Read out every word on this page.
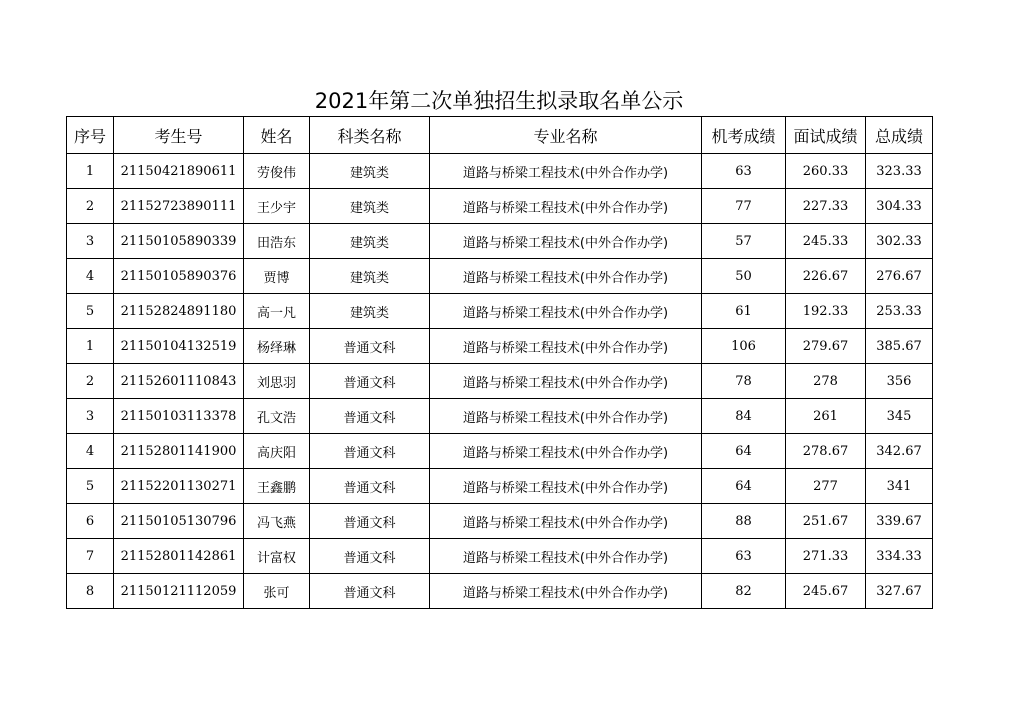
2021年第二次单独招生拟录取名单公示
序号	考生号	姓名	科类名称	专业名称	机考成绩	面试成绩	总成绩
1	21150421890611	劳俊伟	建筑类	道路与桥梁工程技术(中外合作办学)	63	260.33	323.33
2	21152723890111	王少宇	建筑类	道路与桥梁工程技术(中外合作办学)	77	227.33	304.33
3	21150105890339	田浩东	建筑类	道路与桥梁工程技术(中外合作办学)	57	245.33	302.33
4	21150105890376	贾博	建筑类	道路与桥梁工程技术(中外合作办学)	50	226.67	276.67
5	21152824891180	高一凡	建筑类	道路与桥梁工程技术(中外合作办学)	61	192.33	253.33
1	21150104132519	杨绎琳	普通文科	道路与桥梁工程技术(中外合作办学)	106	279.67	385.67
2	21152601110843	刘思羽	普通文科	道路与桥梁工程技术(中外合作办学)	78	278	356
3	21150103113378	孔文浩	普通文科	道路与桥梁工程技术(中外合作办学)	84	261	345
4	21152801141900	高庆阳	普通文科	道路与桥梁工程技术(中外合作办学)	64	278.67	342.67
5	21152201130271	王鑫鹏	普通文科	道路与桥梁工程技术(中外合作办学)	64	277	341
6	21150105130796	冯飞燕	普通文科	道路与桥梁工程技术(中外合作办学)	88	251.67	339.67
7	21152801142861	计富权	普通文科	道路与桥梁工程技术(中外合作办学)	63	271.33	334.33
8	21150121112059	张可	普通文科	道路与桥梁工程技术(中外合作办学)	82	245.67	327.67
